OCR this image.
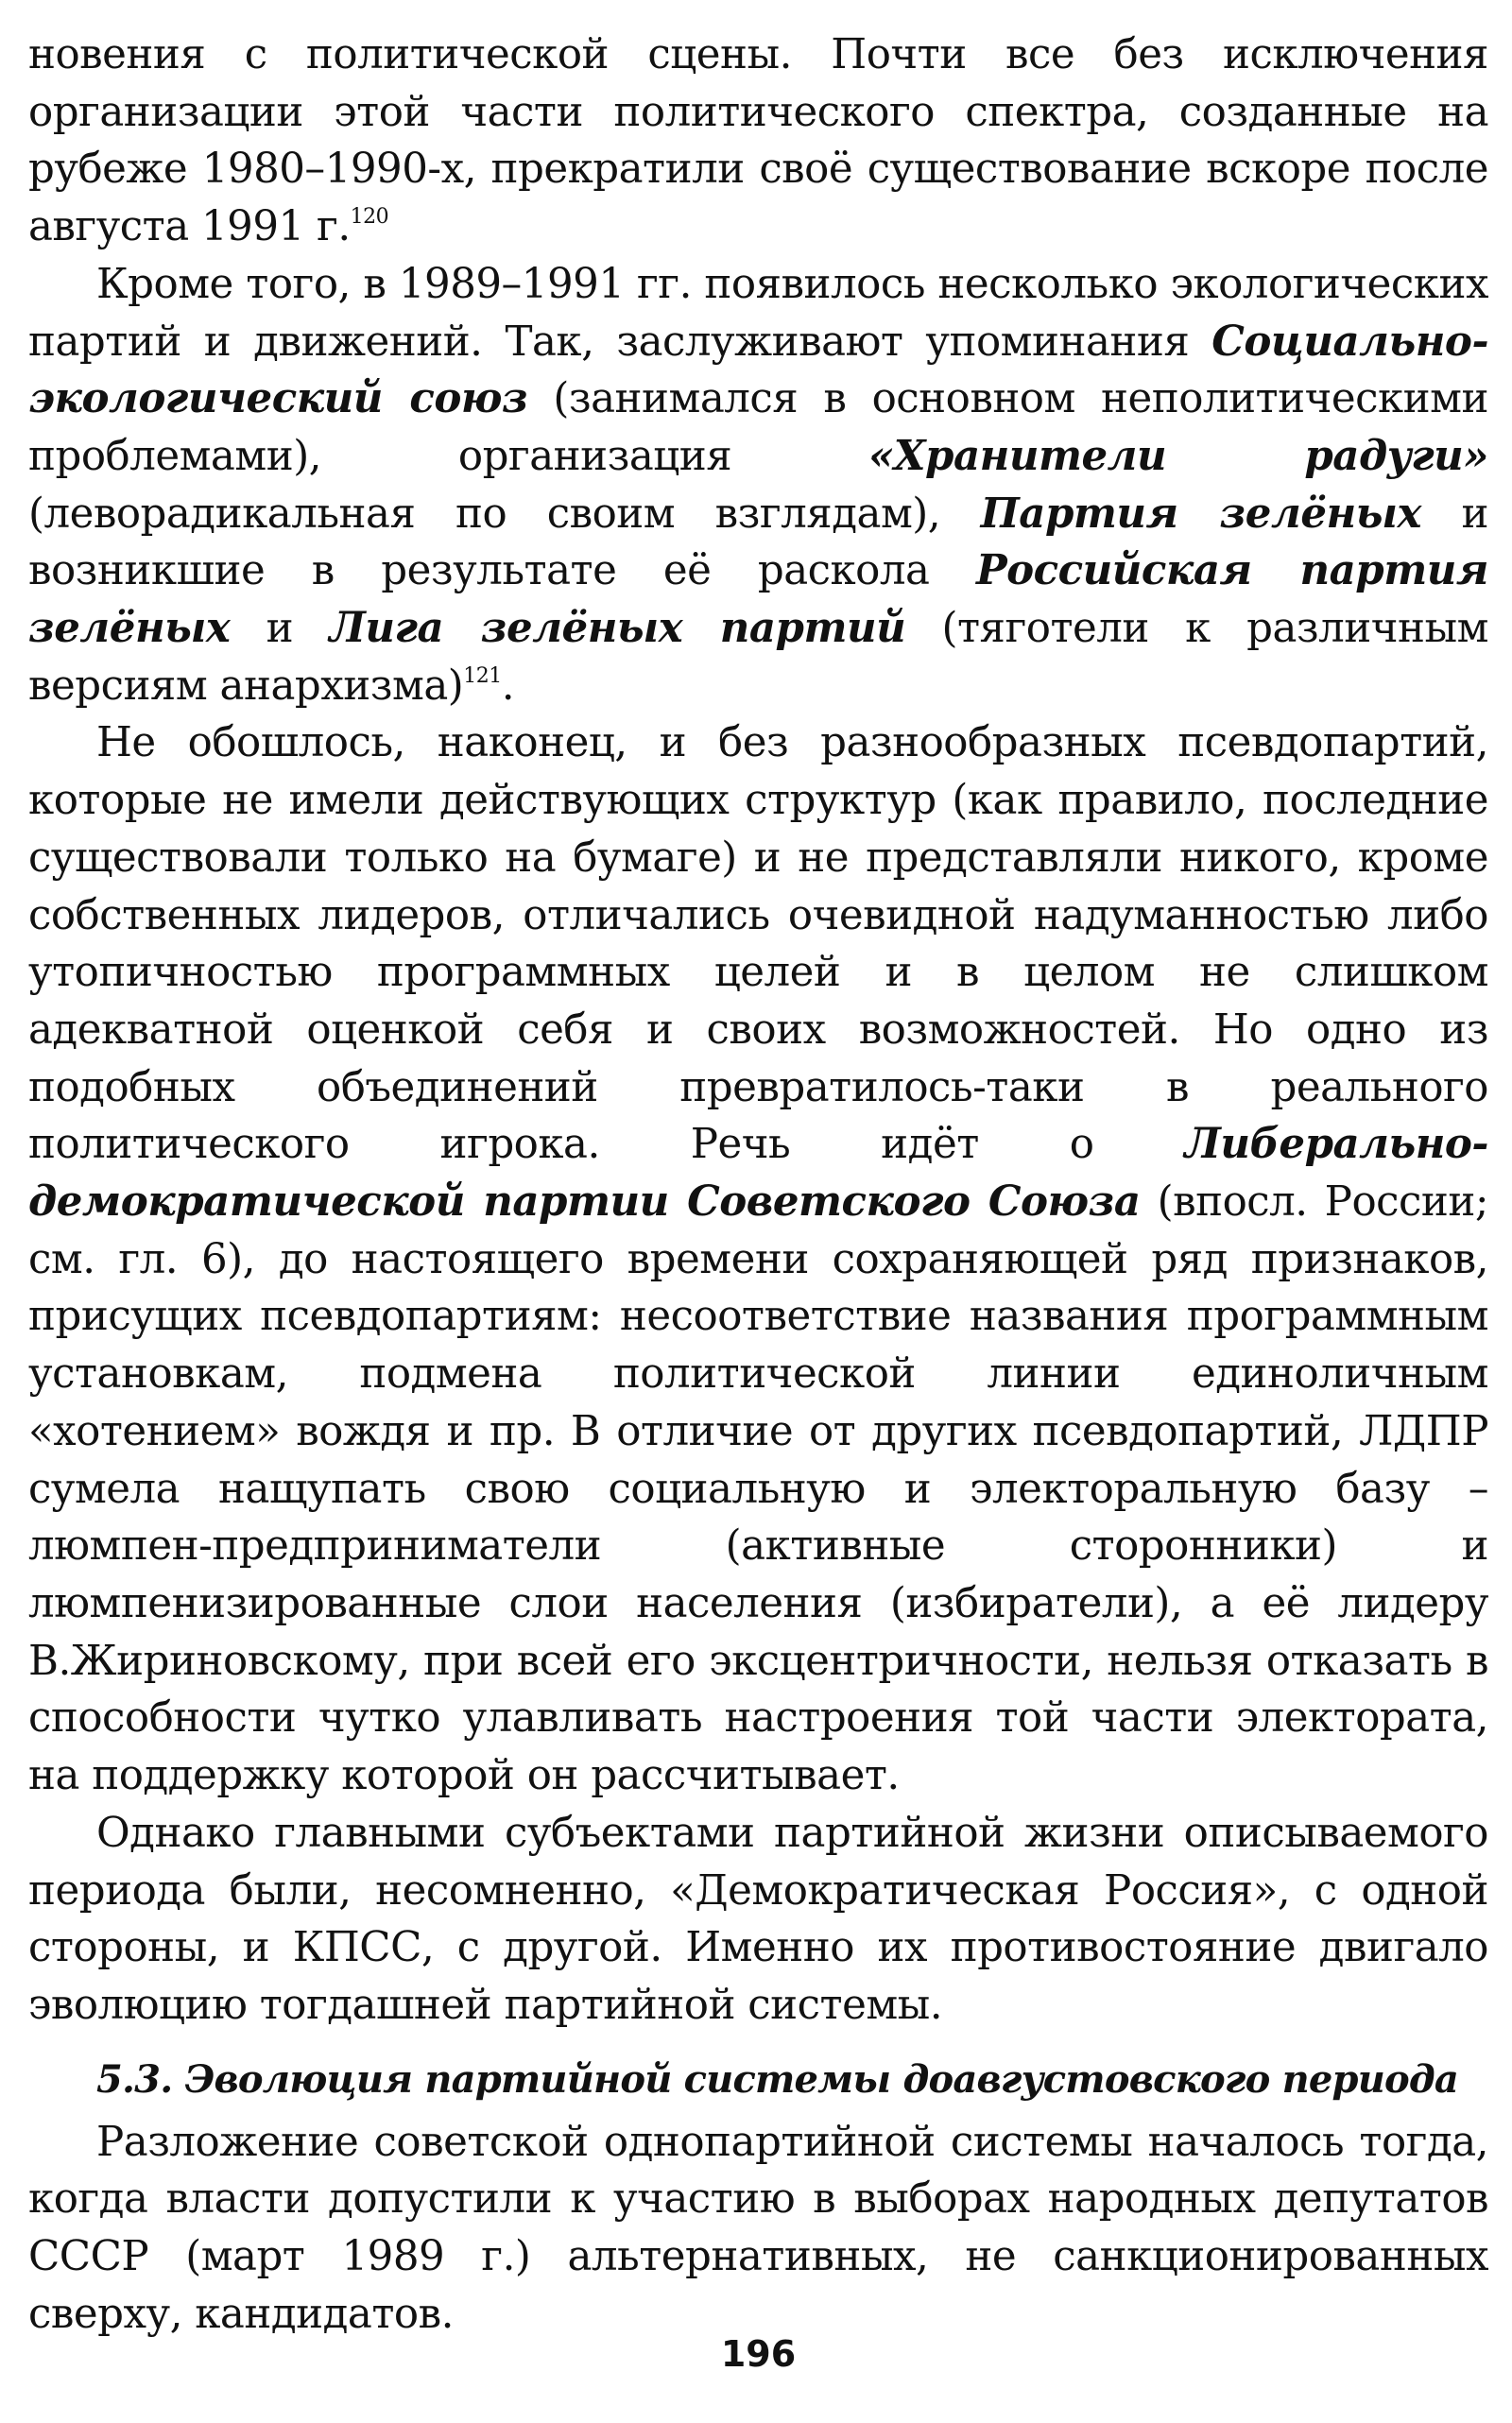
новения с политической сцены. Почти все без исключения организации этой части политического спектра, созданные на рубеже 1980–1990-х, прекратили своё существование вскоре после августа 1991 г.$^{120}$

Кроме того, в 1989–1991 гг. появилось несколько экологических партий и движений. Так, заслуживают упоминания Социально-экологический союз (занимался в основном неполитическими проблемами), организация «Хранители радуги» (леворадикальная по своим взглядам), Партия зелёных и возникшие в результате её раскола Российская партия зелёных и Лига зелёных партий (тяготели к различным версиям анархизма)$^{121}$.

Не обошлось, наконец, и без разнообразных псевдопартий, которые не имели действующих структур (как правило, последние существовали только на бумаге) и не представляли никого, кроме собственных лидеров, отличались очевидной надуманностью либо утопичностью программных целей и в целом не слишком адекватной оценкой себя и своих возможностей. Но одно из подобных объединений превратилось-таки в реального политического игрока. Речь идёт о Либерально-демократической партии Советского Союза (впосл. России; см. гл. 6), до настоящего времени сохраняющей ряд признаков, присущих псевдопартиям: несоответствие названия программным установкам, подмена политической линии единоличным «хотением» вождя и пр. В отличие от других псевдопартий, ЛДПР сумела нащупать свою социальную и электоральную базу – люмпен-предприниматели (активные сторонники) и люмпенизированные слои населения (избиратели), а её лидеру В.Жириновскому, при всей его эксцентричности, нельзя отказать в способности чутко улавливать настроения той части электората, на поддержку которой он рассчитывает.

Однако главными субъектами партийной жизни описываемого периода были, несомненно, «Демократическая Россия», с одной стороны, и КПСС, с другой. Именно их противостояние двигало эволюцию тогдашней партийной системы.

5.3. Эволюция партийной системы доавгустовского периода

Разложение советской однопартийной системы началось тогда, когда власти допустили к участию в выборах народных депутатов СССР (март 1989 г.) альтернативных, не санкционированных сверху, кандидатов.

196
